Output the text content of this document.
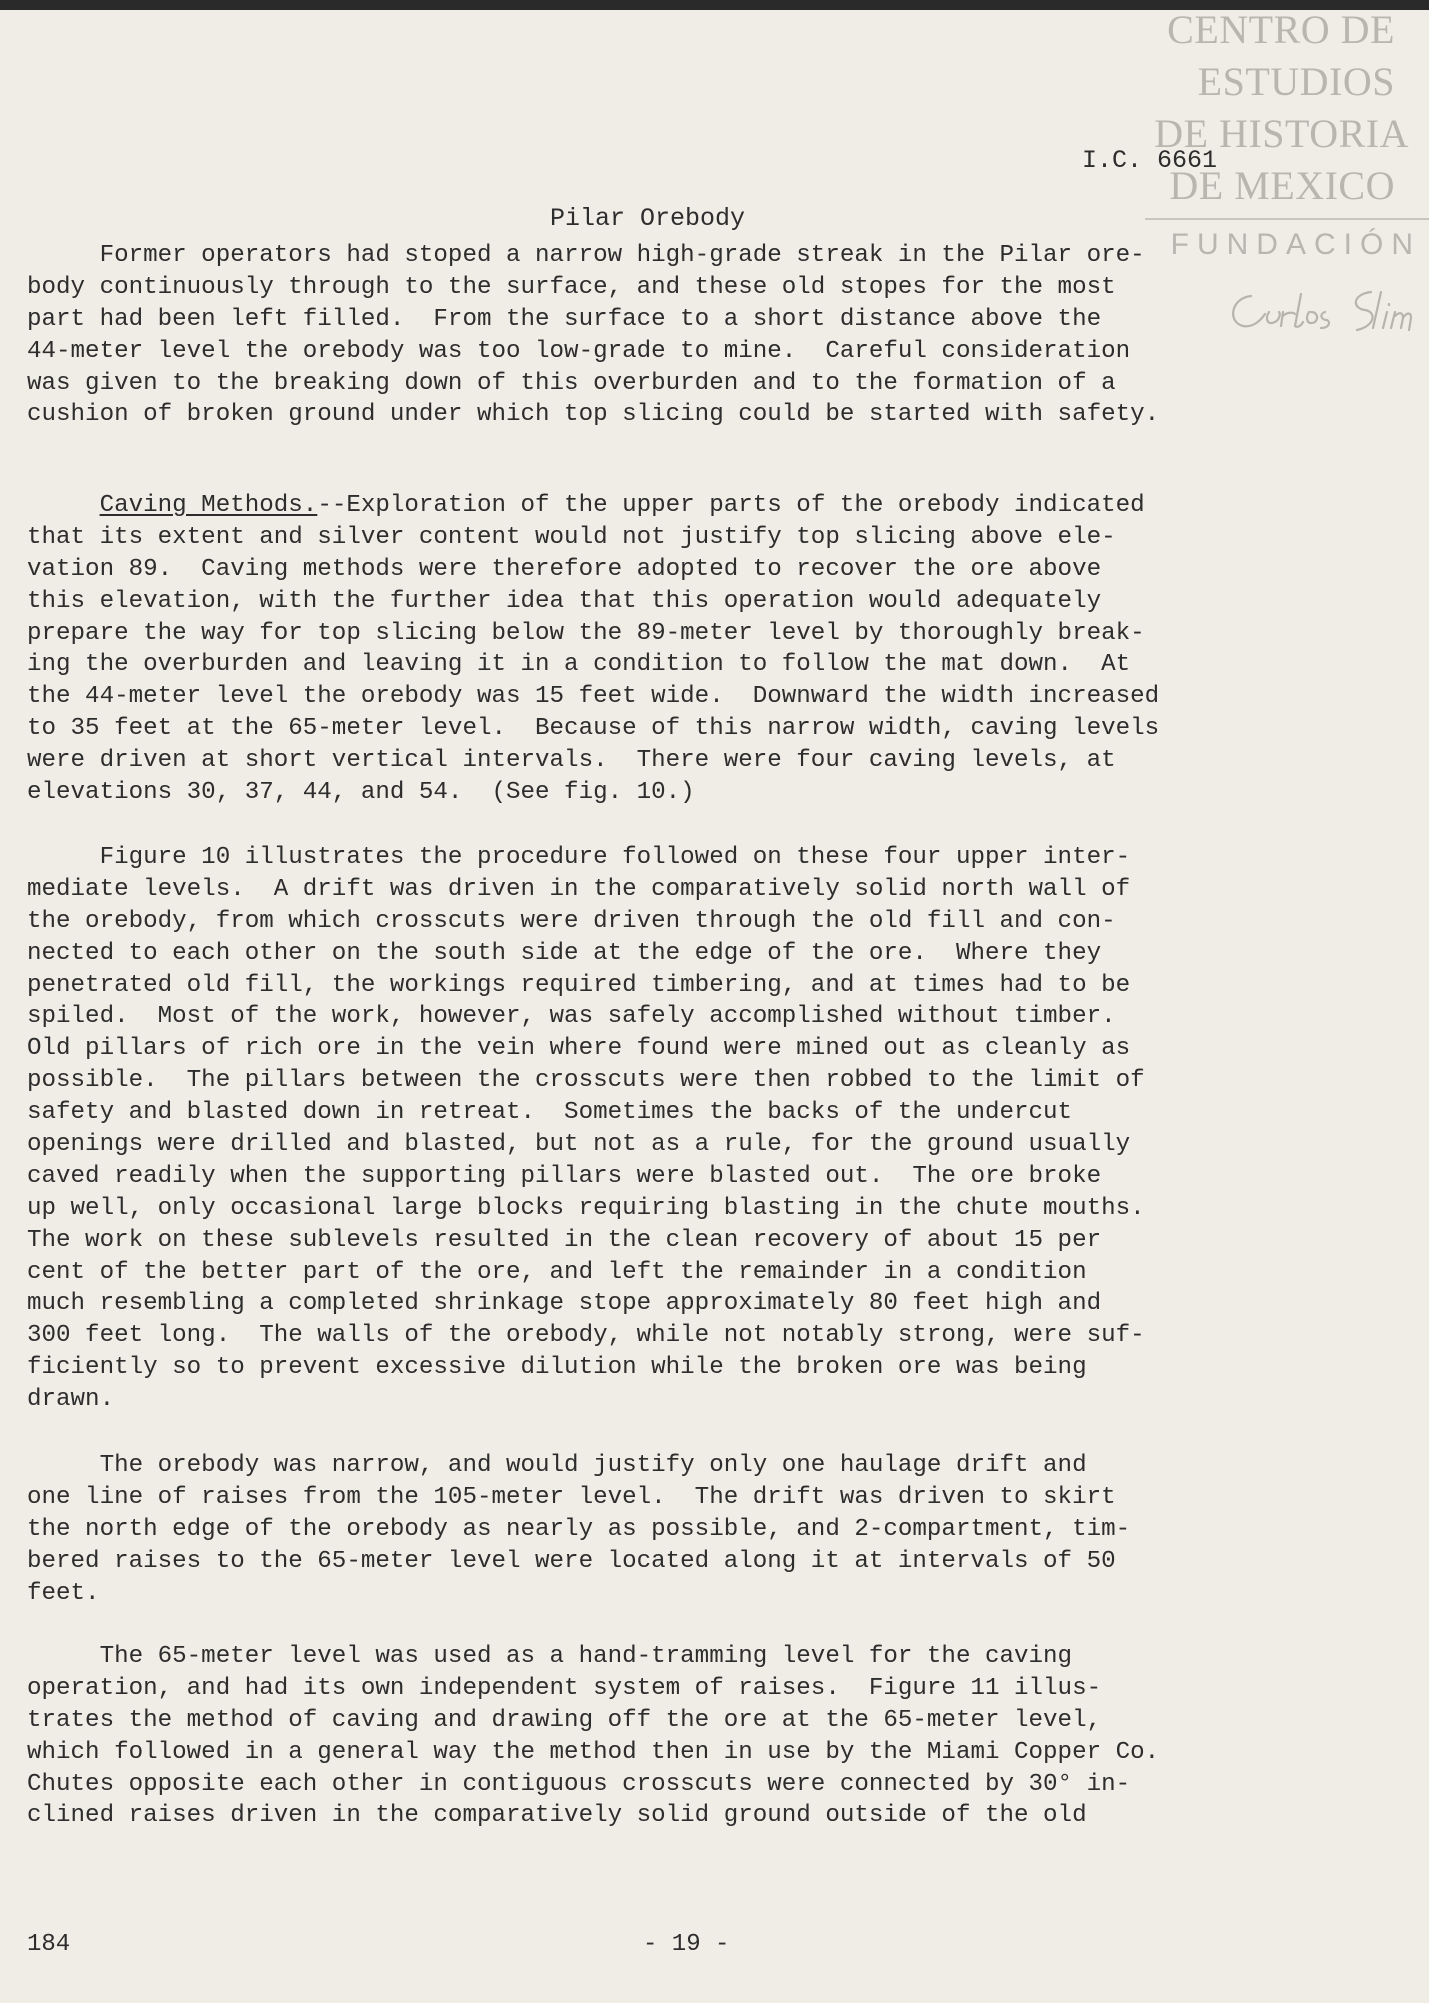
CENTRO DE
ESTUDIOS
DE HISTORIA
DE MEXICO
FUNDACIÓN
I.C. 6661
Pilar Orebody
Former operators had stoped a narrow high-grade streak in the Pilar ore-
body continuously through to the surface, and these old stopes for the most
part had been left filled.  From the surface to a short distance above the
44-meter level the orebody was too low-grade to mine.  Careful consideration
was given to the breaking down of this overburden and to the formation of a
cushion of broken ground under which top slicing could be started with safety.
Caving Methods.--Exploration of the upper parts of the orebody indicated
that its extent and silver content would not justify top slicing above ele-
vation 89.  Caving methods were therefore adopted to recover the ore above
this elevation, with the further idea that this operation would adequately
prepare the way for top slicing below the 89-meter level by thoroughly break-
ing the overburden and leaving it in a condition to follow the mat down.  At
the 44-meter level the orebody was 15 feet wide.  Downward the width increased
to 35 feet at the 65-meter level.  Because of this narrow width, caving levels
were driven at short vertical intervals.  There were four caving levels, at
elevations 30, 37, 44, and 54.  (See fig. 10.)
Figure 10 illustrates the procedure followed on these four upper inter-
mediate levels.  A drift was driven in the comparatively solid north wall of
the orebody, from which crosscuts were driven through the old fill and con-
nected to each other on the south side at the edge of the ore.  Where they
penetrated old fill, the workings required timbering, and at times had to be
spiled.  Most of the work, however, was safely accomplished without timber.
Old pillars of rich ore in the vein where found were mined out as cleanly as
possible.  The pillars between the crosscuts were then robbed to the limit of
safety and blasted down in retreat.  Sometimes the backs of the undercut
openings were drilled and blasted, but not as a rule, for the ground usually
caved readily when the supporting pillars were blasted out.  The ore broke
up well, only occasional large blocks requiring blasting in the chute mouths.
The work on these sublevels resulted in the clean recovery of about 15 per
cent of the better part of the ore, and left the remainder in a condition
much resembling a completed shrinkage stope approximately 80 feet high and
300 feet long.  The walls of the orebody, while not notably strong, were suf-
ficiently so to prevent excessive dilution while the broken ore was being
drawn.
The orebody was narrow, and would justify only one haulage drift and
one line of raises from the 105-meter level.  The drift was driven to skirt
the north edge of the orebody as nearly as possible, and 2-compartment, tim-
bered raises to the 65-meter level were located along it at intervals of 50
feet.
The 65-meter level was used as a hand-tramming level for the caving
operation, and had its own independent system of raises.  Figure 11 illus-
trates the method of caving and drawing off the ore at the 65-meter level,
which followed in a general way the method then in use by the Miami Copper Co.
Chutes opposite each other in contiguous crosscuts were connected by 30° in-
clined raises driven in the comparatively solid ground outside of the old
184	- 19 -
